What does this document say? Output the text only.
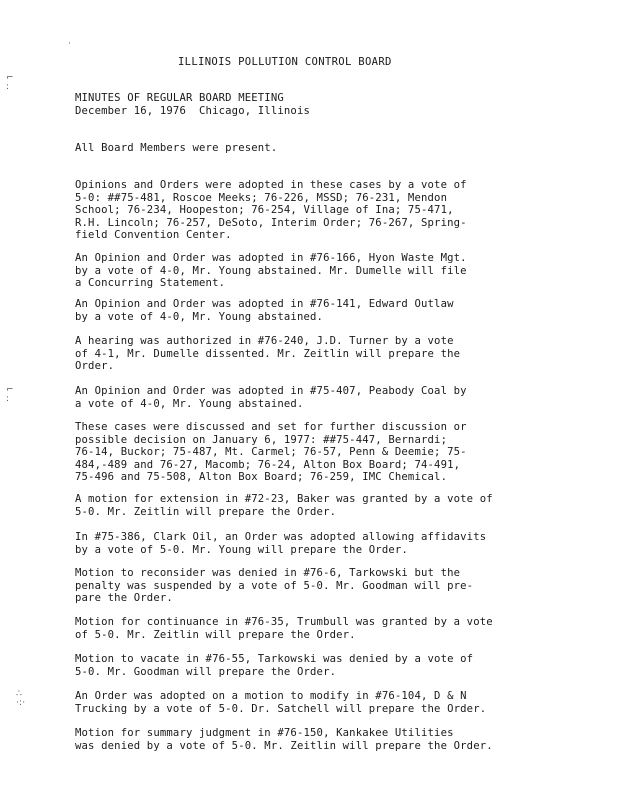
·
⌐
:
⌐
:
∴
·:·
ILLINOIS POLLUTION CONTROL BOARD
MINUTES OF REGULAR BOARD MEETING
December 16, 1976  Chicago, Illinois
All Board Members were present.
Opinions and Orders were adopted in these cases by a vote of
5-0: ##75-481, Roscoe Meeks; 76-226, MSSD; 76-231, Mendon
School; 76-234, Hoopeston; 76-254, Village of Ina; 75-471,
R.H. Lincoln; 76-257, DeSoto, Interim Order; 76-267, Spring-
field Convention Center.
An Opinion and Order was adopted in #76-166, Hyon Waste Mgt.
by a vote of 4-0, Mr. Young abstained. Mr. Dumelle will file
a Concurring Statement.
An Opinion and Order was adopted in #76-141, Edward Outlaw
by a vote of 4-0, Mr. Young abstained.
A hearing was authorized in #76-240, J.D. Turner by a vote
of 4-1, Mr. Dumelle dissented. Mr. Zeitlin will prepare the
Order.
An Opinion and Order was adopted in #75-407, Peabody Coal by
a vote of 4-0, Mr. Young abstained.
These cases were discussed and set for further discussion or
possible decision on January 6, 1977: ##75-447, Bernardi;
76-14, Buckor; 75-487, Mt. Carmel; 76-57, Penn & Deemie; 75-
484,-489 and 76-27, Macomb; 76-24, Alton Box Board; 74-491,
75-496 and 75-508, Alton Box Board; 76-259, IMC Chemical.
A motion for extension in #72-23, Baker was granted by a vote of
5-0. Mr. Zeitlin will prepare the Order.
In #75-386, Clark Oil, an Order was adopted allowing affidavits
by a vote of 5-0. Mr. Young will prepare the Order.
Motion to reconsider was denied in #76-6, Tarkowski but the
penalty was suspended by a vote of 5-0. Mr. Goodman will pre-
pare the Order.
Motion for continuance in #76-35, Trumbull was granted by a vote
of 5-0. Mr. Zeitlin will prepare the Order.
Motion to vacate in #76-55, Tarkowski was denied by a vote of
5-0. Mr. Goodman will prepare the Order.
An Order was adopted on a motion to modify in #76-104, D & N
Trucking by a vote of 5-0. Dr. Satchell will prepare the Order.
Motion for summary judgment in #76-150, Kankakee Utilities
was denied by a vote of 5-0. Mr. Zeitlin will prepare the Order.
